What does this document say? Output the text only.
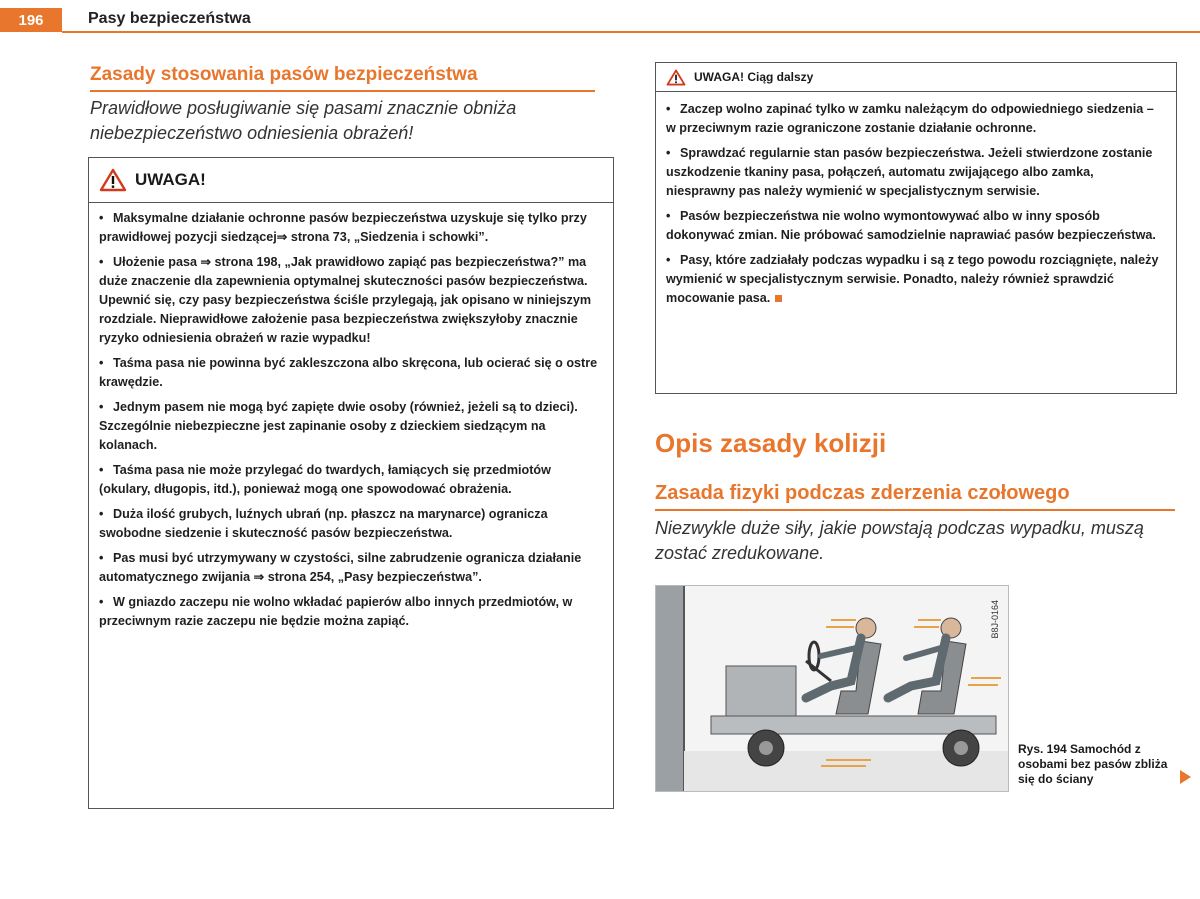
196	Pasy bezpieczeństwa
Zasady stosowania pasów bezpieczeństwa
Prawidłowe posługiwanie się pasami znacznie obniża niebezpieczeństwo odniesienia obrażeń!
UWAGA!
• Maksymalne działanie ochronne pasów bezpieczeństwa uzyskuje się tylko przy prawidłowej pozycji siedzącej⇒ strona 73, „Siedzenia i schowki”.
• Ułożenie pasa ⇒ strona 198, „Jak prawidłowo zapiąć pas bezpieczeństwa?” ma duże znaczenie dla zapewnienia optymalnej skuteczności pasów bezpieczeństwa. Upewnić się, czy pasy bezpieczeństwa ściśle przylegają, jak opisano w niniejszym rozdziale. Nieprawidłowe założenie pasa bezpieczeństwa zwiększyłoby znacznie ryzyko odniesienia obrażeń w razie wypadku!
• Taśma pasa nie powinna być zakleszczona albo skręcona, lub ocierać się o ostre krawędzie.
• Jednym pasem nie mogą być zapięte dwie osoby (również, jeżeli są to dzieci). Szczególnie niebezpieczne jest zapinanie osoby z dzieckiem siedzącym na kolanach.
• Taśma pasa nie może przylegać do twardych, łamiących się przedmiotów (okulary, długopis, itd.), ponieważ mogą one spowodować obrażenia.
• Duża ilość grubych, luźnych ubrań (np. płaszcz na marynarce) ogranicza swobodne siedzenie i skuteczność pasów bezpieczeństwa.
• Pas musi być utrzymywany w czystości, silne zabrudzenie ogranicza działanie automatycznego zwijania ⇒ strona 254, „Pasy bezpieczeństwa”.
• W gniazdo zaczepu nie wolno wkładać papierów albo innych przedmiotów, w przeciwnym razie zaczepu nie będzie można zapiąć.
UWAGA! Ciąg dalszy
• Zaczep wolno zapinać tylko w zamku należącym do odpowiedniego siedzenia – w przeciwnym razie ograniczone zostanie działanie ochronne.
• Sprawdzać regularnie stan pasów bezpieczeństwa. Jeżeli stwierdzone zostanie uszkodzenie tkaniny pasa, połączeń, automatu zwijającego albo zamka, niesprawny pas należy wymienić w specjalistycznym serwisie.
• Pasów bezpieczeństwa nie wolno wymontowywać albo w inny sposób dokonywać zmian. Nie próbować samodzielnie naprawiać pasów bezpieczeństwa.
• Pasy, które zadziałały podczas wypadku i są z tego powodu rozciągnięte, należy wymienić w specjalistycznym serwisie. Ponadto, należy również sprawdzić mocowanie pasa.
Opis zasady kolizji
Zasada fizyki podczas zderzenia czołowego
Niezwykle duże siły, jakie powstają podczas wypadku, muszą zostać zredukowane.
B8J-0164
Rys. 194 Samochód z osobami bez pasów zbliża się do ściany
